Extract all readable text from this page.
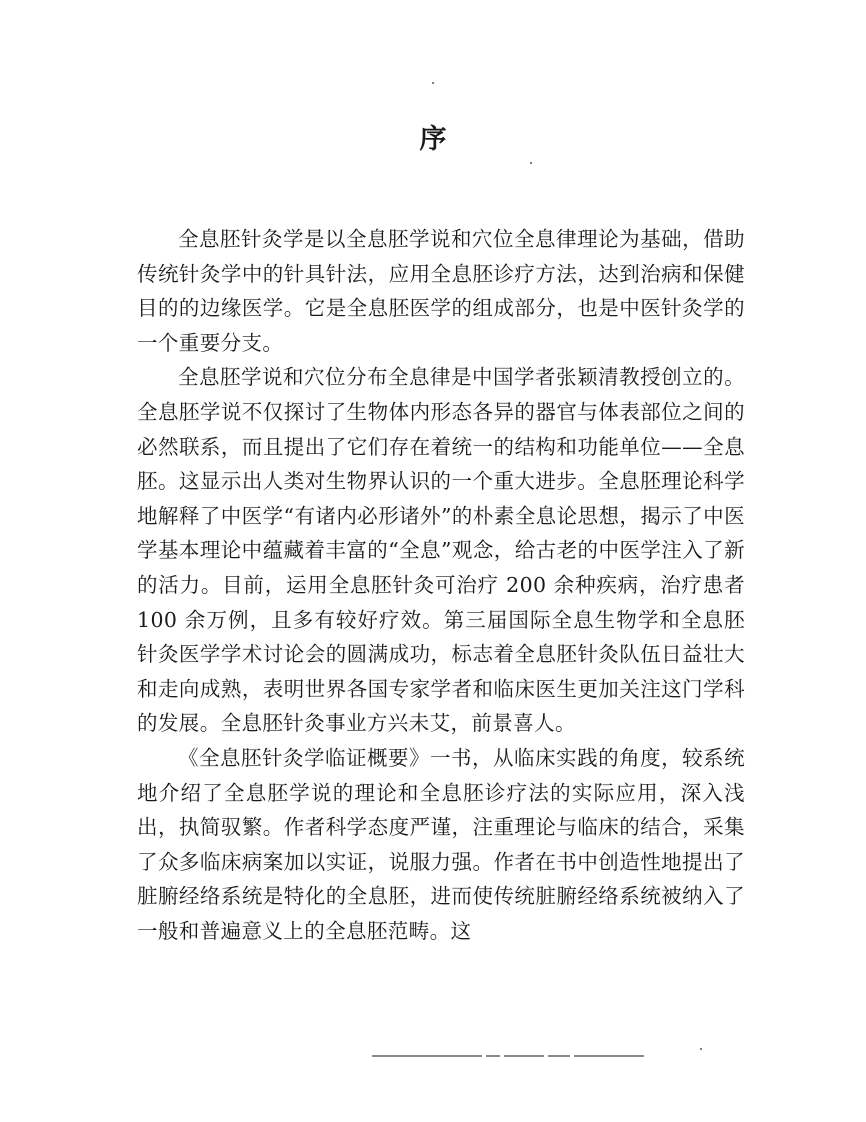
序

全息胚针灸学是以全息胚学说和穴位全息律理论为基础，借助传统针灸学中的针具针法，应用全息胚诊疗方法，达到治病和保健目的的边缘医学。它是全息胚医学的组成部分，也是中医针灸学的一个重要分支。

全息胚学说和穴位分布全息律是中国学者张颖清教授创立的。全息胚学说不仅探讨了生物体内形态各异的器官与体表部位之间的必然联系，而且提出了它们存在着统一的结构和功能单位——全息胚。这显示出人类对生物界认识的一个重大进步。全息胚理论科学地解释了中医学“有诸内必形诸外”的朴素全息论思想，揭示了中医学基本理论中蕴藏着丰富的“全息”观念，给古老的中医学注入了新的活力。目前，运用全息胚针灸可治疗 200 余种疾病，治疗患者 100 余万例，且多有较好疗效。第三届国际全息生物学和全息胚针灸医学学术讨论会的圆满成功，标志着全息胚针灸队伍日益壮大和走向成熟，表明世界各国专家学者和临床医生更加关注这门学科的发展。全息胚针灸事业方兴未艾，前景喜人。

《全息胚针灸学临证概要》一书，从临床实践的角度，较系统地介绍了全息胚学说的理论和全息胚诊疗法的实际应用，深入浅出，执简驭繁。作者科学态度严谨，注重理论与临床的结合，采集了众多临床病案加以实证，说服力强。作者在书中创造性地提出了脏腑经络系统是特化的全息胚，进而使传统脏腑经络系统被纳入了一般和普遍意义上的全息胚范畴。这
